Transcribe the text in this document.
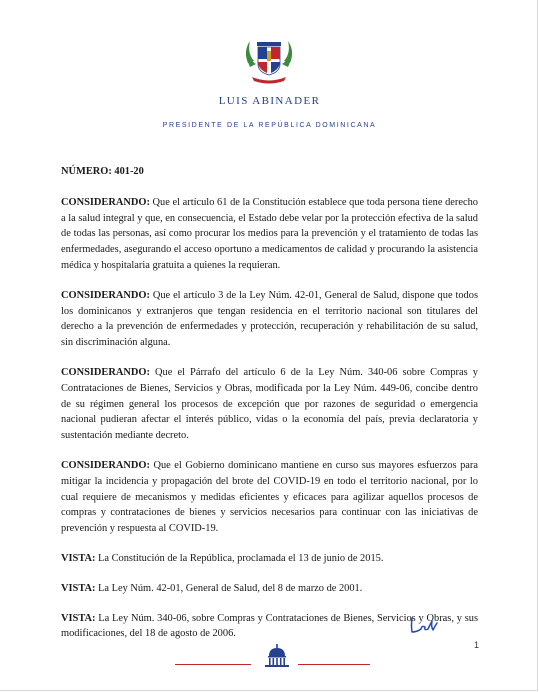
LUIS ABINADER
PRESIDENTE DE LA REPÚBLICA DOMINICANA

NÚMERO: 401-20

CONSIDERANDO: Que el artículo 61 de la Constitución establece que toda persona tiene derecho a la salud integral y que, en consecuencia, el Estado debe velar por la protección efectiva de la salud de todas las personas, así como procurar los medios para la prevención y el tratamiento de todas las enfermedades, asegurando el acceso oportuno a medicamentos de calidad y procurando la asistencia médica y hospitalaria gratuita a quienes la requieran.

CONSIDERANDO: Que el artículo 3 de la Ley Núm. 42-01, General de Salud, dispone que todos los dominicanos y extranjeros que tengan residencia en el territorio nacional son titulares del derecho a la prevención de enfermedades y protección, recuperación y rehabilitación de su salud, sin discriminación alguna.

CONSIDERANDO: Que el Párrafo del artículo 6 de la Ley Núm. 340-06 sobre Compras y Contrataciones de Bienes, Servicios y Obras, modificada por la Ley Núm. 449-06, concibe dentro de su régimen general los procesos de excepción que por razones de seguridad o emergencia nacional pudieran afectar el interés público, vidas o la economía del país, previa declaratoria y sustentación mediante decreto.

CONSIDERANDO: Que el Gobierno dominicano mantiene en curso sus mayores esfuerzos para mitigar la incidencia y propagación del brote del COVID-19 en todo el territorio nacional, por lo cual requiere de mecanismos y medidas eficientes y eficaces para agilizar aquellos procesos de compras y contrataciones de bienes y servicios necesarios para continuar con las iniciativas de prevención y respuesta al COVID-19.

VISTA: La Constitución de la República, proclamada el 13 de junio de 2015.

VISTA: La Ley Núm. 42-01, General de Salud, del 8 de marzo de 2001.

VISTA: La Ley Núm. 340-06, sobre Compras y Contrataciones de Bienes, Servicios y Obras, y sus modificaciones, del 18 de agosto de 2006.

1
